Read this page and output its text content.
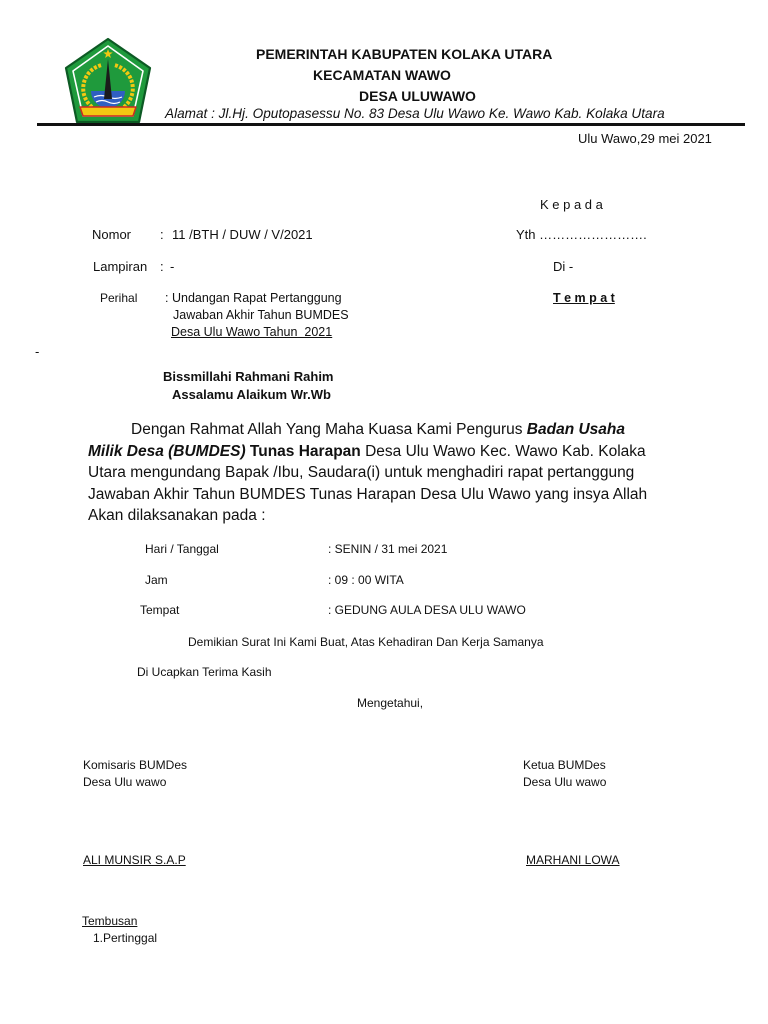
PEMERINTAH KABUPATEN KOLAKA UTARA
KECAMATAN WAWO
DESA ULUWAWO
Alamat : Jl.Hj. Oputopasessu No. 83 Desa Ulu Wawo Ke. Wawo Kab. Kolaka Utara
Ulu Wawo,29 mei 2021
K e p a d a
Yth …………………….
Di -
T e m p a t
Nomor : 11 /BTH / DUW / V/2021
Lampiran : -
Perihal : Undangan Rapat Pertanggung
Jawaban Akhir Tahun BUMDES
Desa Ulu Wawo Tahun  2021
-
Bissmillahi Rahmani Rahim
Assalamu Alaikum Wr.Wb
Dengan Rahmat Allah Yang Maha Kuasa Kami Pengurus Badan Usaha
Milik Desa (BUMDES) Tunas Harapan Desa Ulu Wawo Kec. Wawo Kab. Kolaka
Utara mengundang Bapak /Ibu, Saudara(i) untuk menghadiri rapat pertanggung
Jawaban Akhir Tahun BUMDES Tunas Harapan Desa Ulu Wawo yang insya Allah
Akan dilaksanakan pada :
Hari / Tanggal	: SENIN / 31 mei 2021
Jam	: 09 : 00 WITA
Tempat	: GEDUNG AULA DESA ULU WAWO
Demikian Surat Ini Kami Buat, Atas Kehadiran Dan Kerja Samanya
Di Ucapkan Terima Kasih
Mengetahui,
Komisaris BUMDes
Desa Ulu wawo
ALI MUNSIR S.A.P
Ketua BUMDes
Desa Ulu wawo
MARHANI LOWA
Tembusan
1.Pertinggal
